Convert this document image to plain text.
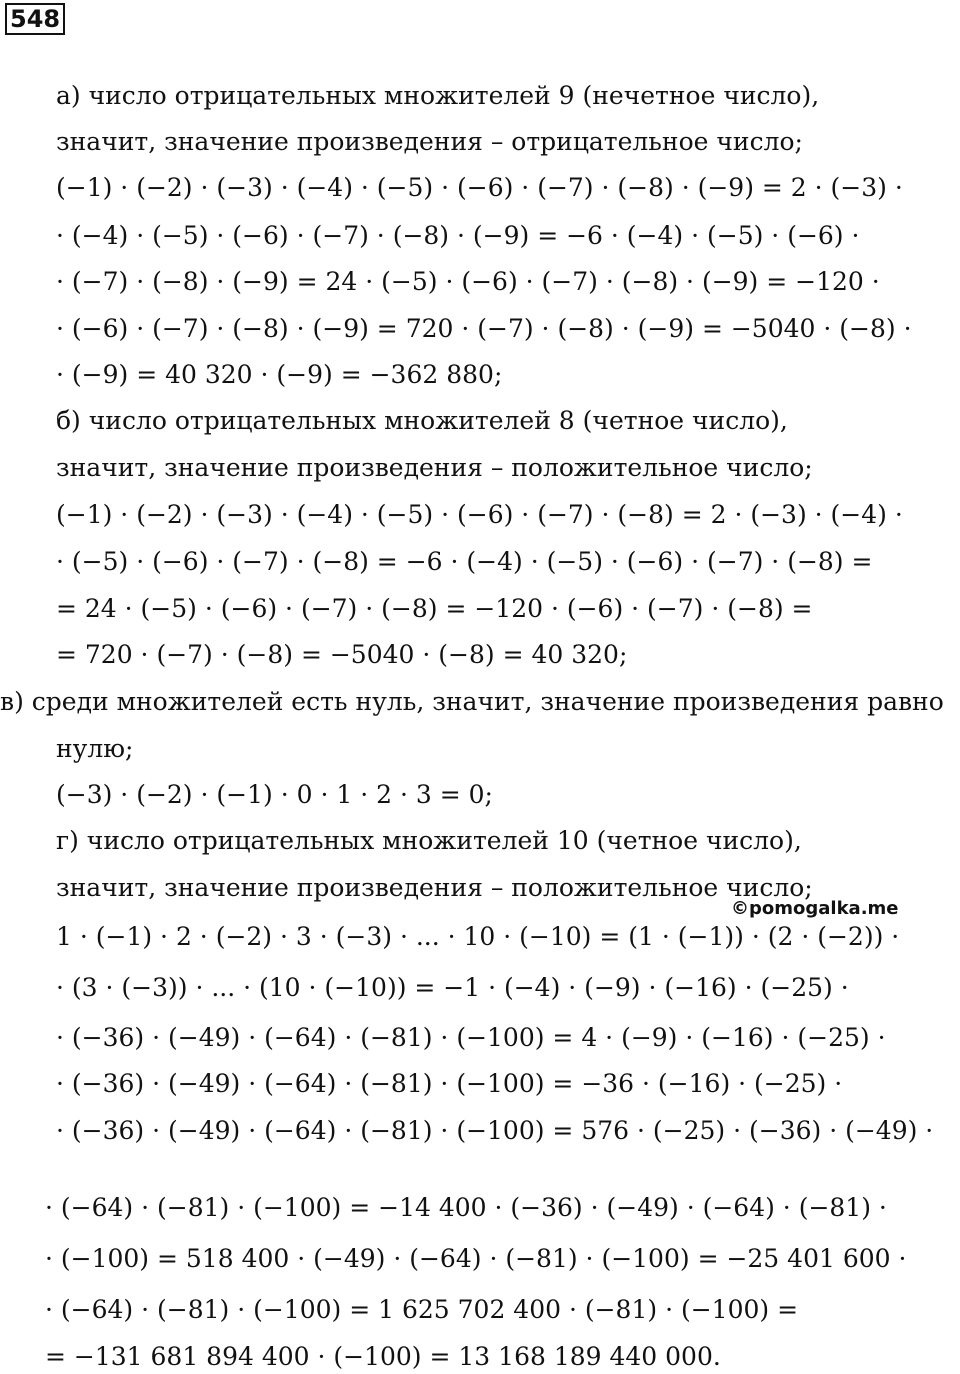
548
а) число отрицательных множителей 9 (нечетное число),
значит, значение произведения – отрицательное число;
(−1) · (−2) · (−3) · (−4) · (−5) · (−6) · (−7) · (−8) · (−9) = 2 · (−3) ·
· (−4) · (−5) · (−6) · (−7) · (−8) · (−9) = −6 · (−4) · (−5) · (−6) ·
· (−7) · (−8) · (−9) = 24 · (−5) · (−6) · (−7) · (−8) · (−9) = −120 ·
· (−6) · (−7) · (−8) · (−9) = 720 · (−7) · (−8) · (−9) = −5040 · (−8) ·
· (−9) = 40 320 · (−9) = −362 880;
б) число отрицательных множителей 8 (четное число),
значит, значение произведения – положительное число;
(−1) · (−2) · (−3) · (−4) · (−5) · (−6) · (−7) · (−8) = 2 · (−3) · (−4) ·
· (−5) · (−6) · (−7) · (−8) = −6 · (−4) · (−5) · (−6) · (−7) · (−8) =
= 24 · (−5) · (−6) · (−7) · (−8) = −120 · (−6) · (−7) · (−8) =
= 720 · (−7) · (−8) = −5040 · (−8) = 40 320;
в) среди множителей есть нуль, значит, значение произведения равно
нулю;
(−3) · (−2) · (−1) · 0 · 1 · 2 · 3 = 0;
г) число отрицательных множителей 10 (четное число),
значит, значение произведения – положительное число;
©pomogalka.me
1 · (−1) · 2 · (−2) · 3 · (−3) · ... · 10 · (−10) = (1 · (−1)) · (2 · (−2)) ·
· (3 · (−3)) · ... · (10 · (−10)) = −1 · (−4) · (−9) · (−16) · (−25) ·
· (−36) · (−49) · (−64) · (−81) · (−100) = 4 · (−9) · (−16) · (−25) ·
· (−36) · (−49) · (−64) · (−81) · (−100) = −36 · (−16) · (−25) ·
· (−36) · (−49) · (−64) · (−81) · (−100) = 576 · (−25) · (−36) · (−49) ·
· (−64) · (−81) · (−100) = −14 400 · (−36) · (−49) · (−64) · (−81) ·
· (−100) = 518 400 · (−49) · (−64) · (−81) · (−100) = −25 401 600 ·
· (−64) · (−81) · (−100) = 1 625 702 400 · (−81) · (−100) =
= −131 681 894 400 · (−100) = 13 168 189 440 000.
